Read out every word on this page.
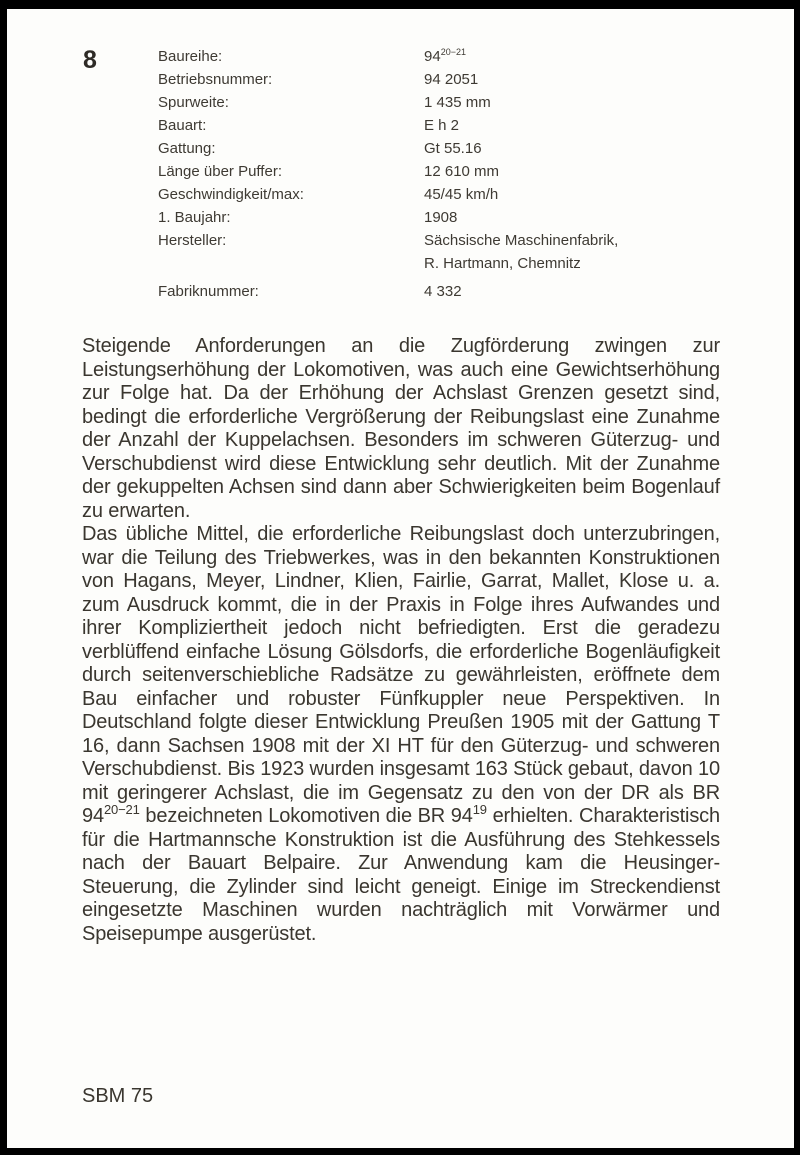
8	Baureihe:	$94^{20-21}$
Betriebsnummer:	94 2051
Spurweite:	1 435 mm
Bauart:	E h 2
Gattung:	Gt 55.16
Länge über Puffer:	12 610 mm
Geschwindigkeit/max:	45/45 km/h
1. Baujahr:	1908
Hersteller:	Sächsische Maschinenfabrik,
R. Hartmann, Chemnitz
Fabriknummer:	4 332

Steigende Anforderungen an die Zugförderung zwingen zur Leistungserhöhung der Lokomotiven, was auch eine Gewichtserhöhung zur Folge hat. Da der Erhöhung der Achslast Grenzen gesetzt sind, bedingt die erforderliche Vergrößerung der Reibungslast eine Zunahme der Anzahl der Kuppelachsen. Besonders im schweren Güterzug- und Verschubdienst wird diese Entwicklung sehr deutlich. Mit der Zunahme der gekuppelten Achsen sind dann aber Schwierigkeiten beim Bogenlauf zu erwarten.

Das übliche Mittel, die erforderliche Reibungslast doch unterzubringen, war die Teilung des Triebwerkes, was in den bekannten Konstruktionen von Hagans, Meyer, Lindner, Klien, Fairlie, Garrat, Mallet, Klose u. a. zum Ausdruck kommt, die in der Praxis in Folge ihres Aufwandes und ihrer Kompliziertheit jedoch nicht befriedigten. Erst die geradezu verblüffend einfache Lösung Gölsdorfs, die erforderliche Bogenläufigkeit durch seitenverschiebliche Radsätze zu gewährleisten, eröffnete dem Bau einfacher und robuster Fünfkuppler neue Perspektiven. In Deutschland folgte dieser Entwicklung Preußen 1905 mit der Gattung T 16, dann Sachsen 1908 mit der XI HT für den Güterzug- und schweren Verschubdienst. Bis 1923 wurden insgesamt 163 Stück gebaut, davon 10 mit geringerer Achslast, die im Gegensatz zu den von der DR als BR $94^{20-21}$ bezeichneten Lokomotiven die BR $94^{19}$ erhielten. Charakteristisch für die Hartmannsche Konstruktion ist die Ausführung des Stehkessels nach der Bauart Belpaire. Zur Anwendung kam die Heusinger-Steuerung, die Zylinder sind leicht geneigt. Einige im Streckendienst eingesetzte Maschinen wurden nachträglich mit Vorwärmer und Speisepumpe ausgerüstet.

SBM 75
